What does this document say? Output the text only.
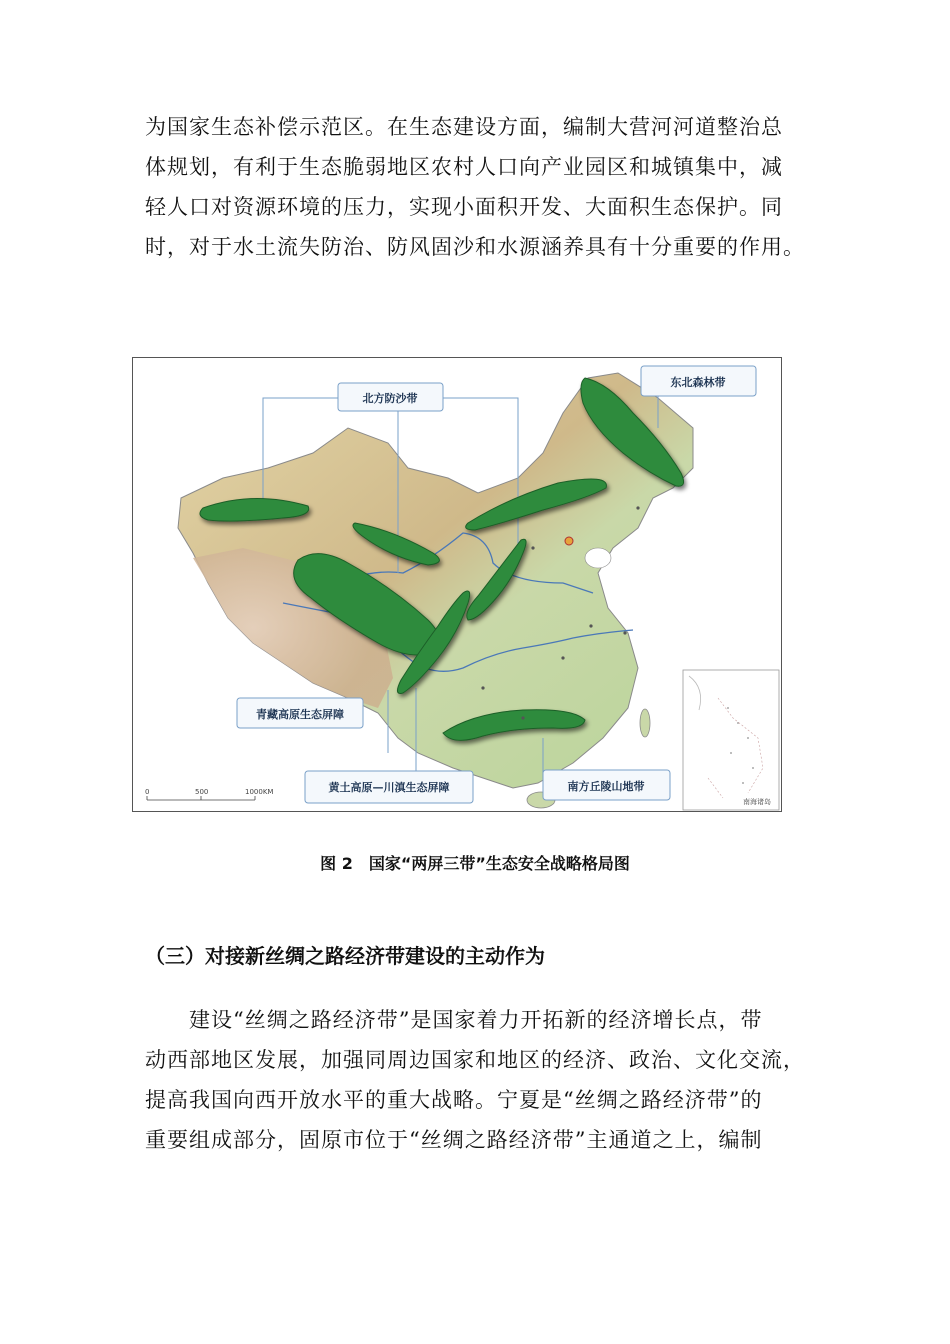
为国家生态补偿示范区。在生态建设方面，编制大营河河道整治总

体规划，有利于生态脆弱地区农村人口向产业园区和城镇集中，减

轻人口对资源环境的压力，实现小面积开发、大面积生态保护。同

时，对于水土流失防治、防风固沙和水源涵养具有十分重要的作用。

北方防沙带
东北森林带
青藏高原生态屏障
黄土高原—川滇生态屏障	南方丘陵山地带
0	500	1000KM
南海诸岛
图 2　国家“两屏三带”生态安全战略格局图
（三）对接新丝绸之路经济带建设的主动作为

建设“丝绸之路经济带”是国家着力开拓新的经济增长点，带

动西部地区发展，加强同周边国家和地区的经济、政治、文化交流，

提高我国向西开放水平的重大战略。宁夏是“丝绸之路经济带”的

重要组成部分，固原市位于“丝绸之路经济带”主通道之上，编制
